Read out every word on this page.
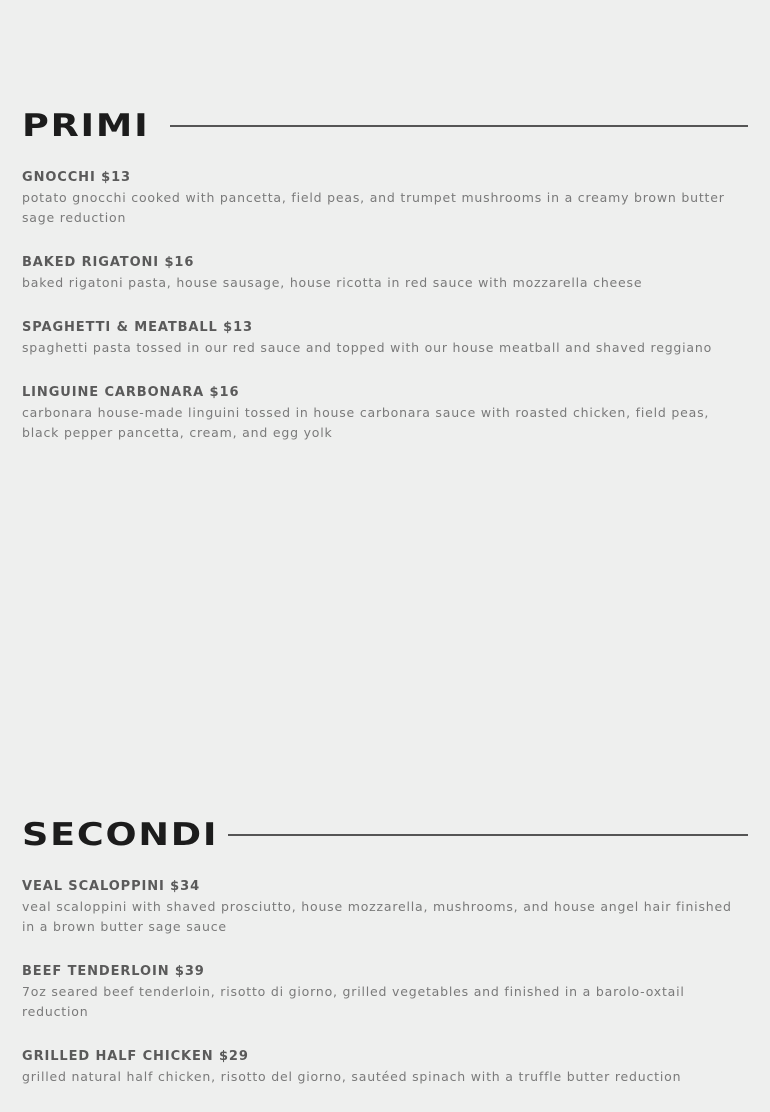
PRIMI
GNOCCHI $13
potato gnocchi cooked with pancetta, field peas, and trumpet mushrooms in a creamy brown butter sage reduction
BAKED RIGATONI $16
baked rigatoni pasta, house sausage, house ricotta in red sauce with mozzarella cheese
SPAGHETTI & MEATBALL $13
spaghetti pasta tossed in our red sauce and topped with our house meatball and shaved reggiano
LINGUINE CARBONARA $16
carbonara house-made linguini tossed in house carbonara sauce with roasted chicken, field peas, black pepper pancetta, cream, and egg yolk
SECONDI
VEAL SCALOPPINI $34
veal scaloppini with shaved prosciutto, house mozzarella, mushrooms, and house angel hair finished in a brown butter sage sauce
BEEF TENDERLOIN $39
7oz seared beef tenderloin, risotto di giorno, grilled vegetables and finished in a barolo-oxtail reduction
GRILLED HALF CHICKEN $29
grilled natural half chicken, risotto del giorno, sautéed spinach with a truffle butter reduction
